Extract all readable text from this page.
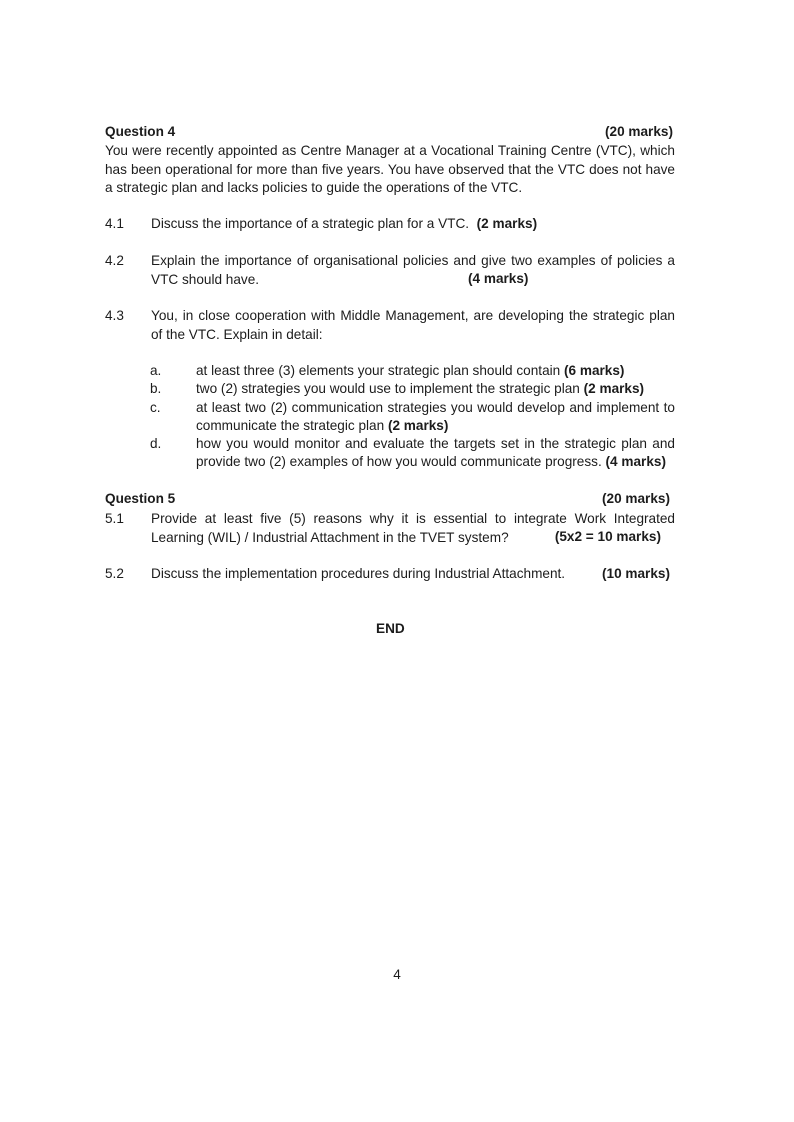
Question 4	(20 marks)
You were recently appointed as Centre Manager at a Vocational Training Centre (VTC), which has been operational for more than five years. You have observed that the VTC does not have a strategic plan and lacks policies to guide the operations of the VTC.
4.1 Discuss the importance of a strategic plan for a VTC. (2 marks)
4.2 Explain the importance of organisational policies and give two examples of policies a VTC should have.	(4 marks)
4.3 You, in close cooperation with Middle Management, are developing the strategic plan of the VTC. Explain in detail:
a.	at least three (3) elements your strategic plan should contain (6 marks)
b.	two (2) strategies you would use to implement the strategic plan (2 marks)
c.	at least two (2) communication strategies you would develop and implement to communicate the strategic plan (2 marks)
d.	how you would monitor and evaluate the targets set in the strategic plan and provide two (2) examples of how you would communicate progress. (4 marks)
Question 5	(20 marks)
5.1 Provide at least five (5) reasons why it is essential to integrate Work Integrated Learning (WIL) / Industrial Attachment in the TVET system?	(5x2 = 10 marks)
5.2 Discuss the implementation procedures during Industrial Attachment.	(10 marks)
END
4
